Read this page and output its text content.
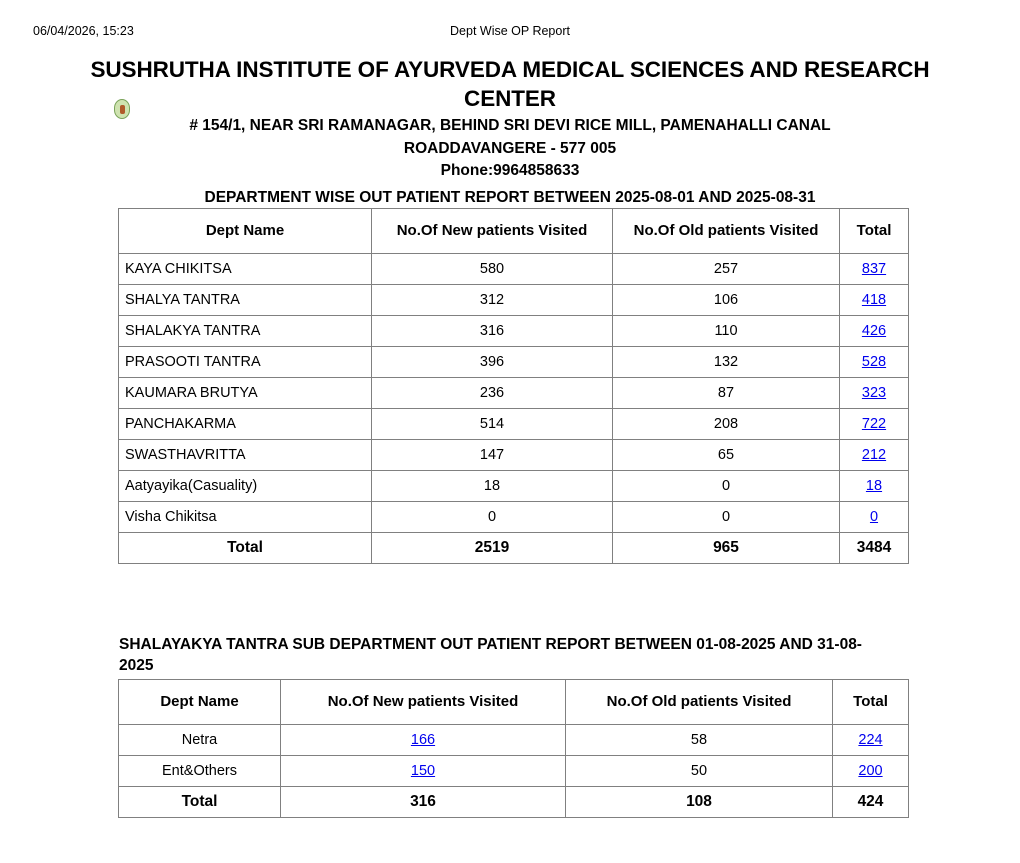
06/04/2026, 15:23	Dept Wise OP Report
SUSHRUTHA INSTITUTE OF AYURVEDA MEDICAL SCIENCES AND RESEARCH CENTER
# 154/1, NEAR SRI RAMANAGAR, BEHIND SRI DEVI RICE MILL, PAMENAHALLI CANAL
ROADDAVANGERE - 577 005
Phone:9964858633
DEPARTMENT WISE OUT PATIENT REPORT BETWEEN 2025-08-01 AND 2025-08-31
Dept Name	No.Of New patients Visited	No.Of Old patients Visited	Total
KAYA CHIKITSA	580	257	837
SHALYA TANTRA	312	106	418
SHALAKYA TANTRA	316	110	426
PRASOOTI TANTRA	396	132	528
KAUMARA BRUTYA	236	87	323
PANCHAKARMA	514	208	722
SWASTHAVRITTA	147	65	212
Aatyayika(Casuality)	18	0	18
Visha Chikitsa	0	0	0
Total	2519	965	3484
SHALAYAKYA TANTRA SUB DEPARTMENT OUT PATIENT REPORT BETWEEN 01-08-2025 AND 31-08-2025
Dept Name	No.Of New patients Visited	No.Of Old patients Visited	Total
Netra	166	58	224
Ent&Others	150	50	200
Total	316	108	424
